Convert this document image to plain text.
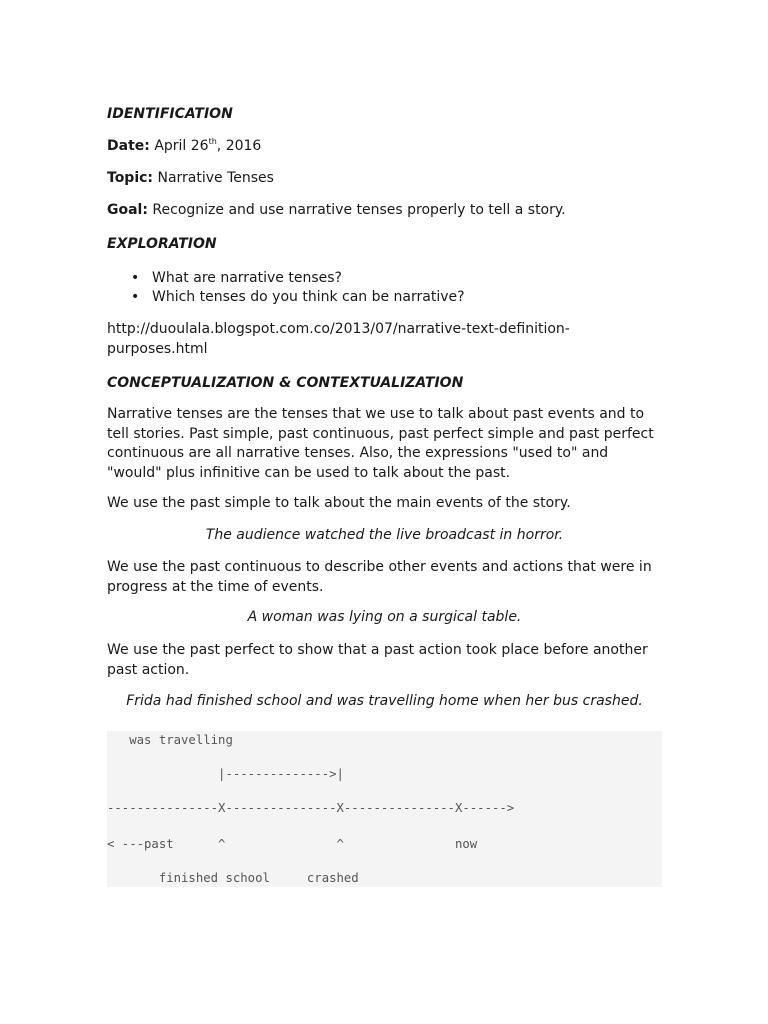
IDENTIFICATION
Date: April 26th, 2016
Topic: Narrative Tenses
Goal: Recognize and use narrative tenses properly to tell a story.
EXPLORATION
• What are narrative tenses?
• Which tenses do you think can be narrative?
http://duoulala.blogspot.com.co/2013/07/narrative-text-definition-
purposes.html
CONCEPTUALIZATION & CONTEXTUALIZATION
Narrative tenses are the tenses that we use to talk about past events and to
tell stories. Past simple, past continuous, past perfect simple and past perfect
continuous are all narrative tenses. Also, the expressions "used to" and
"would" plus infinitive can be used to talk about the past.
We use the past simple to talk about the main events of the story.
The audience watched the live broadcast in horror.
We use the past continuous to describe other events and actions that were in
progress at the time of events.
A woman was lying on a surgical table.
We use the past perfect to show that a past action took place before another
past action.
Frida had finished school and was travelling home when her bus crashed.
was travelling
|-------------->|
---------------X---------------X---------------X------>
< ---past      ^               ^               now
finished school     crashed
